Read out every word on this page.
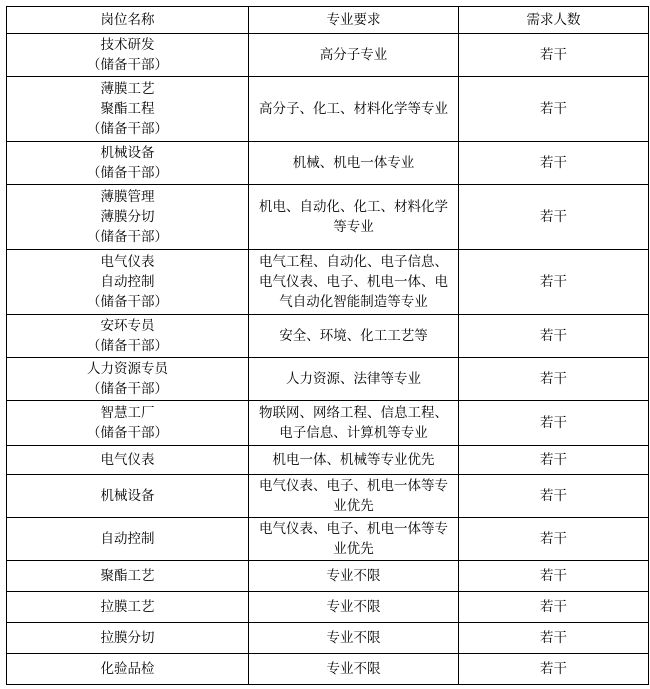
岗位名称	专业要求	需求人数

技术研发
（储备干部）	高分子专业	若干

薄膜工艺
聚酯工程
（储备干部）	高分子、化工、材料化学等专业	若干

机械设备
（储备干部）	机械、机电一体专业	若干

薄膜管理
薄膜分切
（储备干部）	机电、自动化、化工、材料化学
等专业	若干

电气仪表
自动控制
（储备干部）	电气工程、自动化、电子信息、
电气仪表、电子、机电一体、电
气自动化智能制造等专业	若干

安环专员
（储备干部）	安全、环境、化工工艺等	若干

人力资源专员
（储备干部）	人力资源、法律等专业	若干

智慧工厂
（储备干部）	物联网、网络工程、信息工程、
电子信息、计算机等专业	若干

电气仪表	机电一体、机械等专业优先	若干

机械设备	电气仪表、电子、机电一体等专
业优先	若干

自动控制	电气仪表、电子、机电一体等专
业优先	若干

聚酯工艺	专业不限	若干

拉膜工艺	专业不限	若干

拉膜分切	专业不限	若干

化验品检	专业不限	若干
